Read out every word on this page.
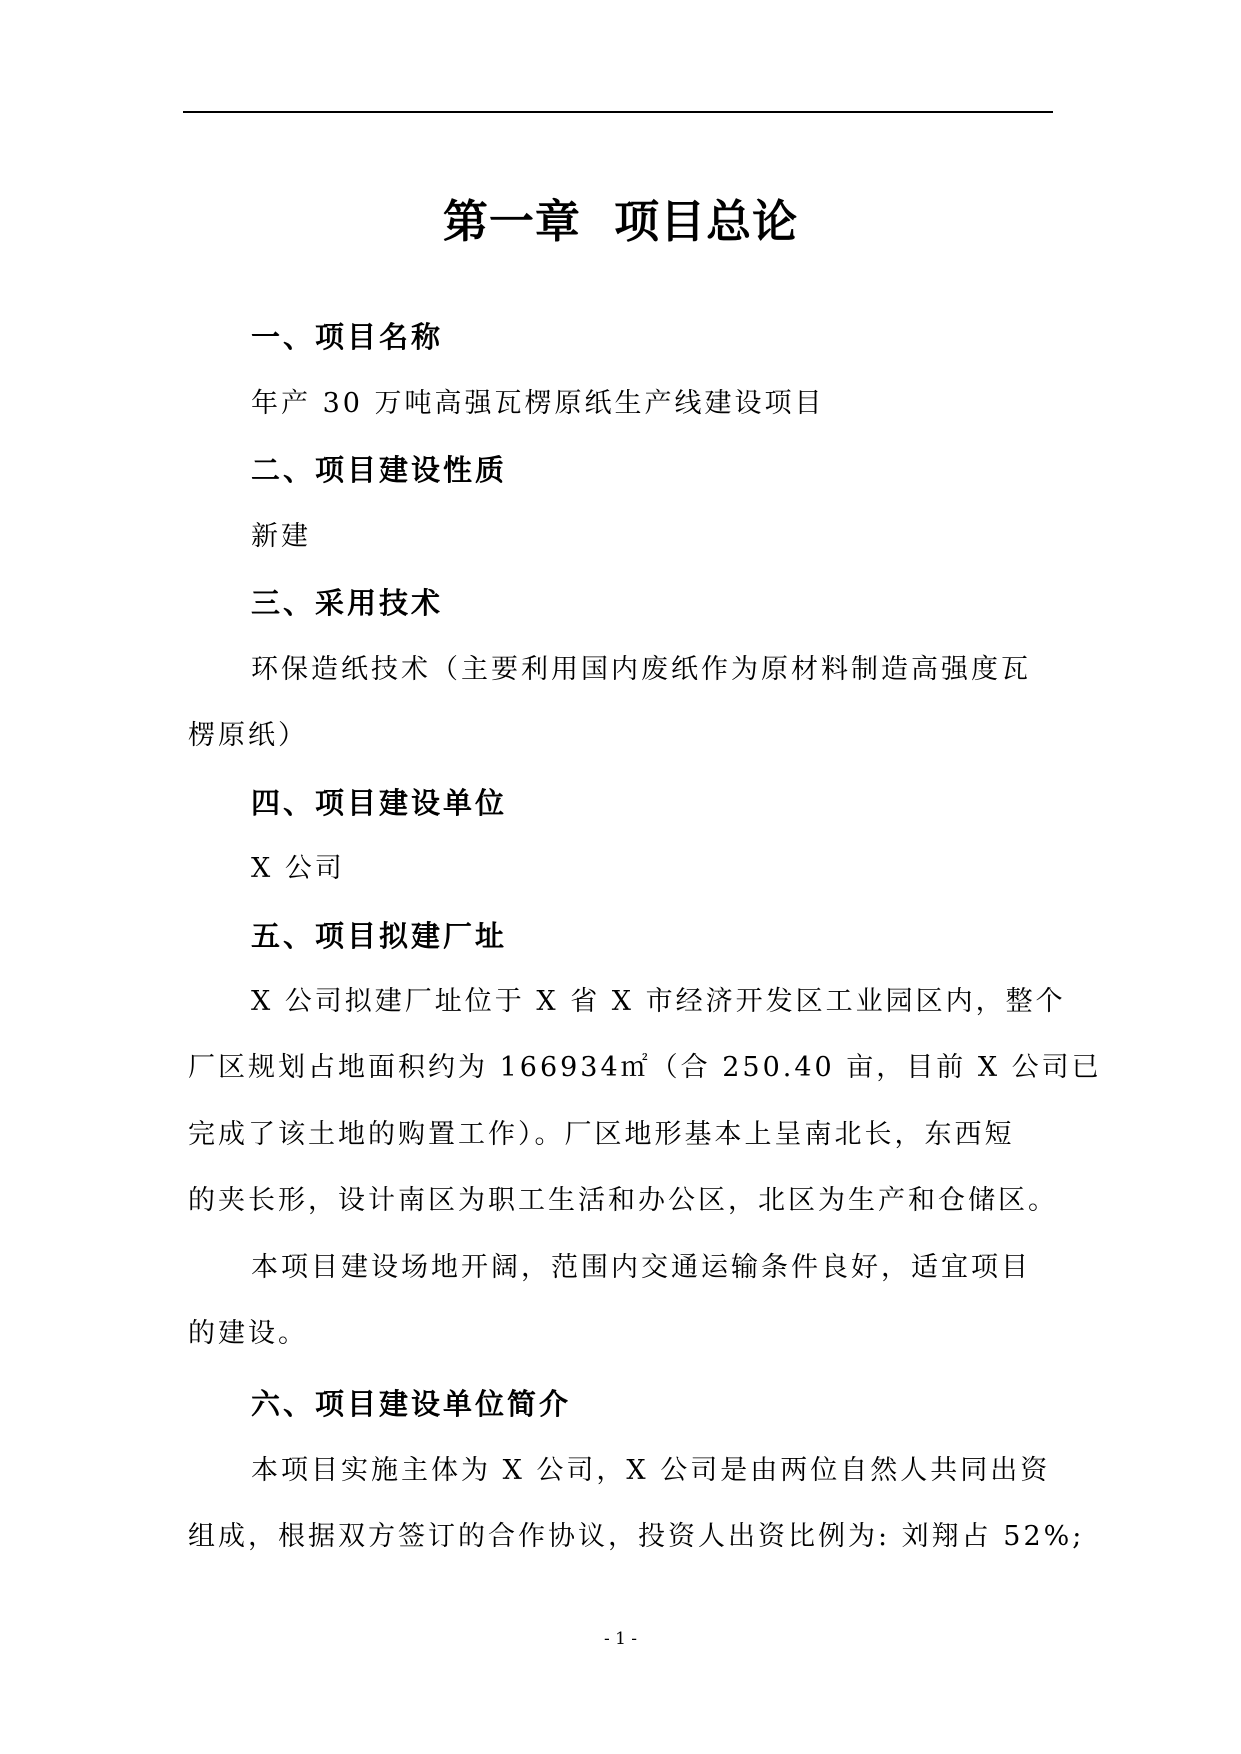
第一章  项目总论
一、项目名称
年产 30 万吨高强瓦楞原纸生产线建设项目
二、项目建设性质
新建
三、采用技术
环保造纸技术（主要利用国内废纸作为原材料制造高强度瓦
楞原纸）
四、项目建设单位
X 公司
五、项目拟建厂址
X 公司拟建厂址位于 X 省 X 市经济开发区工业园区内，整个
厂区规划占地面积约为 166934㎡（合 250.40 亩，目前 X 公司已
完成了该土地的购置工作）。厂区地形基本上呈南北长，东西短
的夹长形，设计南区为职工生活和办公区，北区为生产和仓储区。
本项目建设场地开阔，范围内交通运输条件良好，适宜项目
的建设。
六、项目建设单位简介
本项目实施主体为 X 公司，X 公司是由两位自然人共同出资
组成，根据双方签订的合作协议，投资人出资比例为: 刘翔占 52%;
- 1 -
